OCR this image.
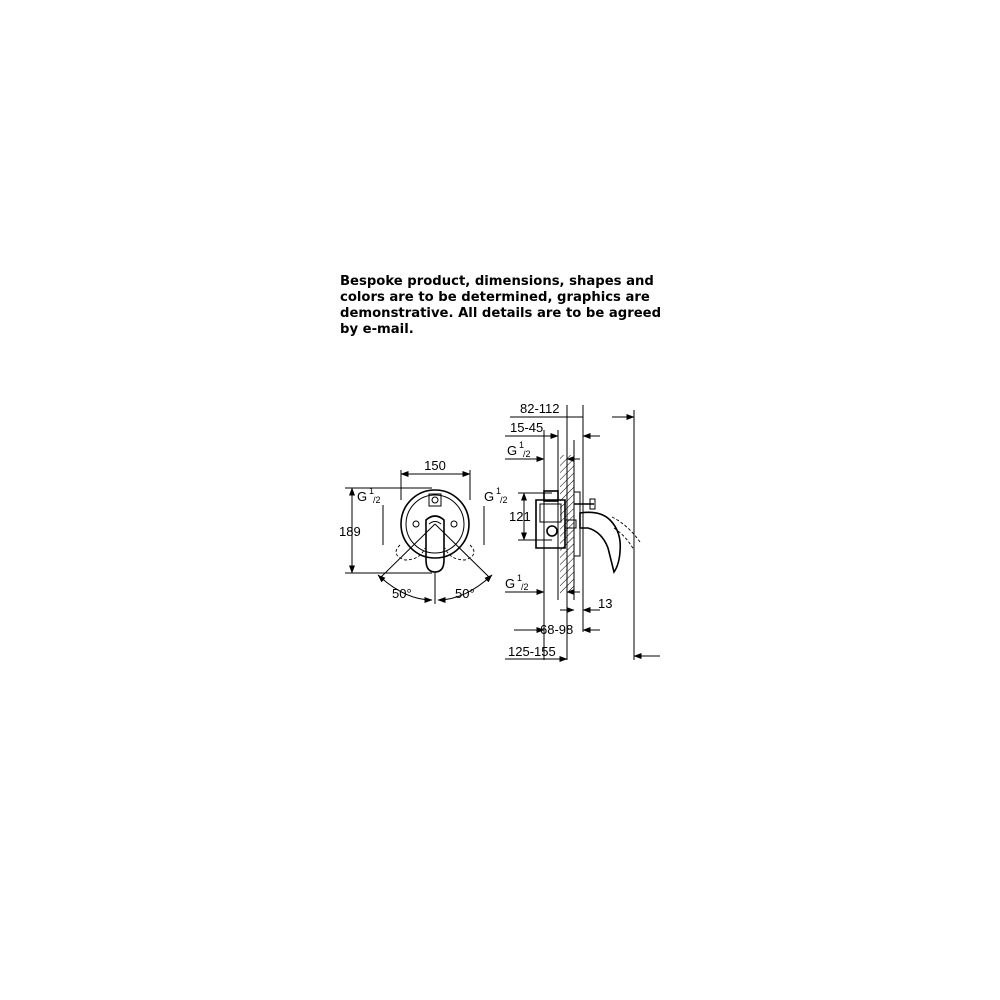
Bespoke product, dimensions, shapes and
colors are to be determined, graphics are
demonstrative. All details are to be agreed
by e-mail.
150
189
G 1
/2	G 1
/2
50°	50°
82-112
15-45
G 1
/2
121
G 1
/2
13
68-98
125-155
